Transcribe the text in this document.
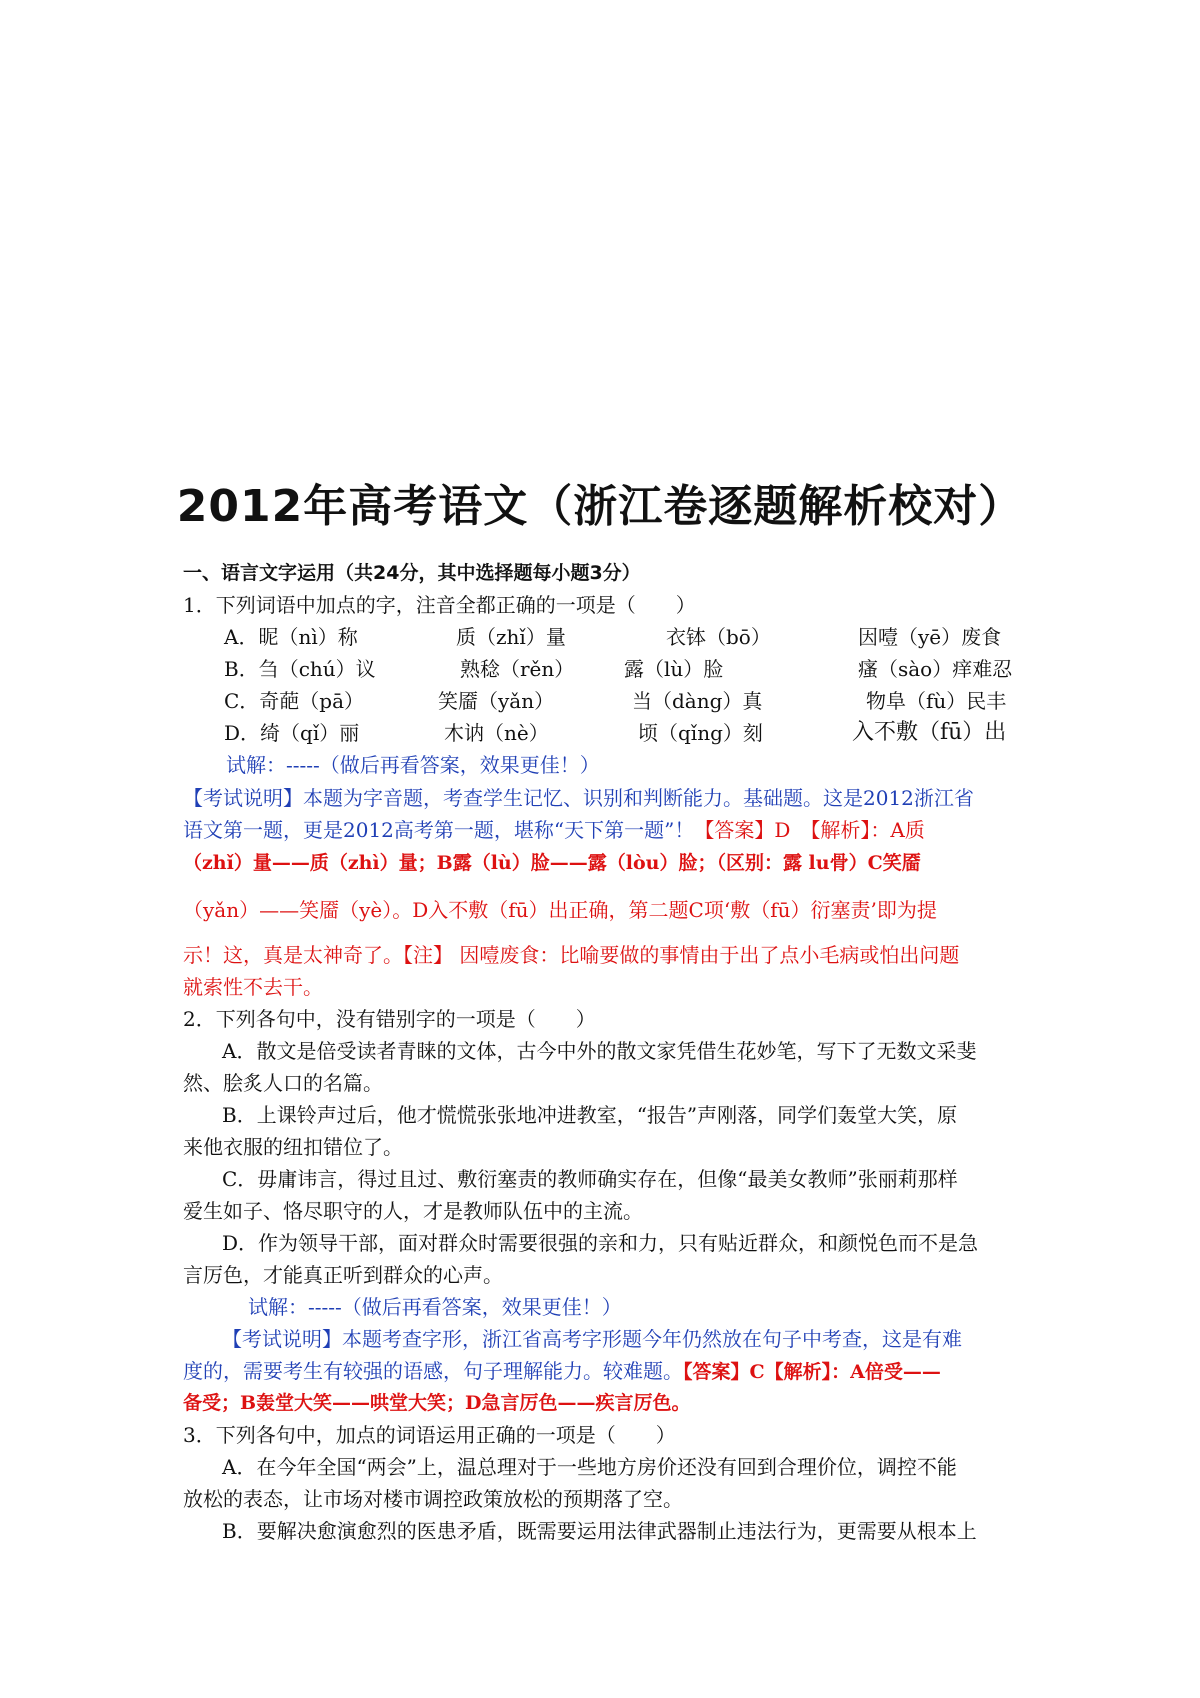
2012年高考语文（浙江卷逐题解析校对）
一、语言文字运用（共24分，其中选择题每小题3分）
1．下列词语中加点的字，注音全都正确的一项是（　　）
A．昵（nì）称	质（zhǐ）量	衣钵（bō）	因噎（yē）废食
B．刍（chú）议	熟稔（rěn） 露（lù）脸	瘙（sào）痒难忍
C．奇葩（pā）	笑靥（yǎn）	当（dàng）真	物阜（fù）民丰
D．绮（qǐ）丽	木讷（nè）	顷（qǐng）刻	入不敷（fū）出
试解：-----（做后再看答案，效果更佳！）
【考试说明】本题为字音题，考查学生记忆、识别和判断能力。基础题。这是2012浙江省
语文第一题，更是2012高考第一题，堪称“天下第一题”！【答案】D　【解析】：A质
（zhǐ）量——质（zhì）量；B露（lù）脸——露（lòu）脸；（区别：露 lu骨）C笑靥
（yǎn）——笑靥（yè）。D入不敷（fū）出正确，第二题C项‘敷（fū）衍塞责’即为提
示！这，真是太神奇了。【注】 因噎废食：比喻要做的事情由于出了点小毛病或怕出问题
就索性不去干。
2．下列各句中，没有错别字的一项是（　　）
A．散文是倍受读者青睐的文体，古今中外的散文家凭借生花妙笔，写下了无数文采斐
然、脍炙人口的名篇。
B．上课铃声过后，他才慌慌张张地冲进教室，“报告”声刚落，同学们轰堂大笑，原
来他衣服的纽扣错位了。
C．毋庸讳言，得过且过、敷衍塞责的教师确实存在，但像“最美女教师”张丽莉那样
爱生如子、恪尽职守的人，才是教师队伍中的主流。
D．作为领导干部，面对群众时需要很强的亲和力，只有贴近群众，和颜悦色而不是急
言厉色，才能真正听到群众的心声。
试解：-----（做后再看答案，效果更佳！）
【考试说明】本题考查字形，浙江省高考字形题今年仍然放在句子中考查，这是有难
度的，需要考生有较强的语感，句子理解能力。较难题。【答案】C【解析】：A倍受——
备受；B轰堂大笑——哄堂大笑；D急言厉色——疾言厉色。
3．下列各句中，加点的词语运用正确的一项是（　　）
A．在今年全国“两会”上，温总理对于一些地方房价还没有回到合理价位，调控不能
放松的表态，让市场对楼市调控政策放松的预期落了空。
B．要解决愈演愈烈的医患矛盾，既需要运用法律武器制止违法行为，更需要从根本上
